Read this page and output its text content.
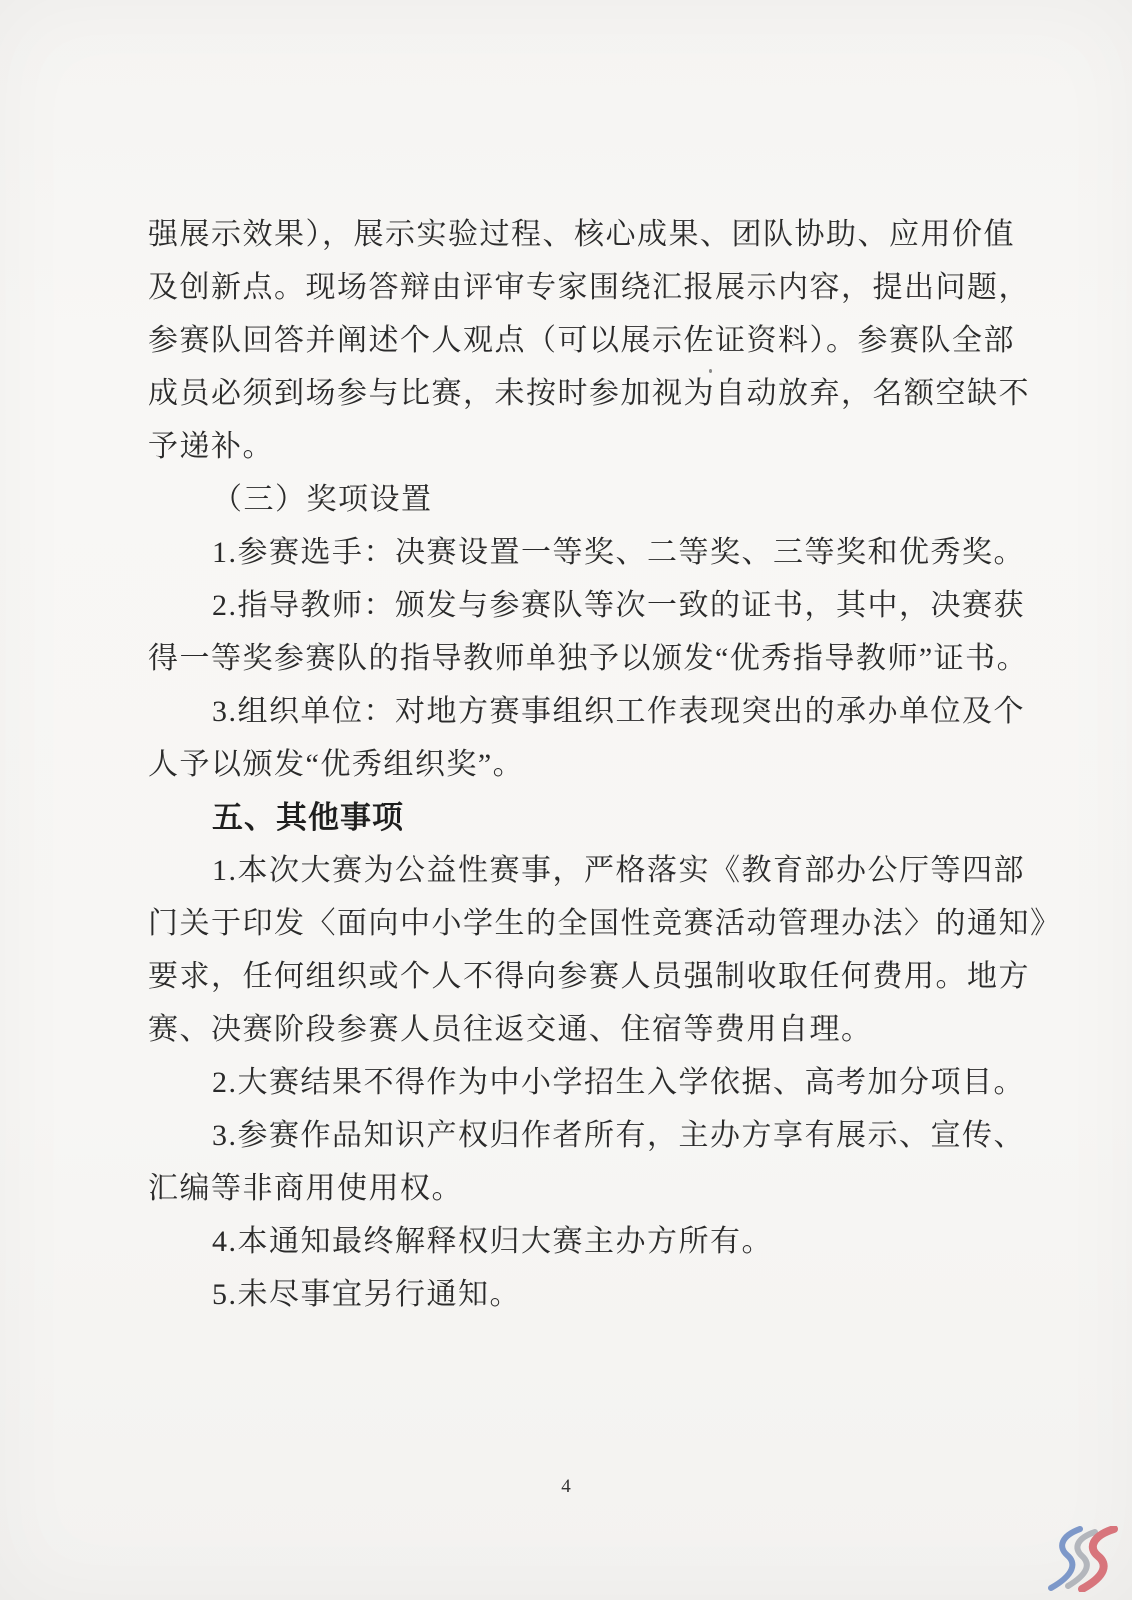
强展示效果），展示实验过程、核心成果、团队协助、应用价值
及创新点。现场答辩由评审专家围绕汇报展示内容，提出问题，
参赛队回答并阐述个人观点（可以展示佐证资料）。参赛队全部
成员必须到场参与比赛，未按时参加视为自动放弃，名额空缺不
予递补。
（三）奖项设置
1.参赛选手：决赛设置一等奖、二等奖、三等奖和优秀奖。
2.指导教师：颁发与参赛队等次一致的证书，其中，决赛获
得一等奖参赛队的指导教师单独予以颁发“优秀指导教师”证书。
3.组织单位：对地方赛事组织工作表现突出的承办单位及个
人予以颁发“优秀组织奖”。
五、其他事项
1.本次大赛为公益性赛事，严格落实《教育部办公厅等四部
门关于印发〈面向中小学生的全国性竞赛活动管理办法〉的通知》
要求，任何组织或个人不得向参赛人员强制收取任何费用。地方
赛、决赛阶段参赛人员往返交通、住宿等费用自理。
2.大赛结果不得作为中小学招生入学依据、高考加分项目。
3.参赛作品知识产权归作者所有，主办方享有展示、宣传、
汇编等非商用使用权。
4.本通知最终解释权归大赛主办方所有。
5.未尽事宜另行通知。
4
